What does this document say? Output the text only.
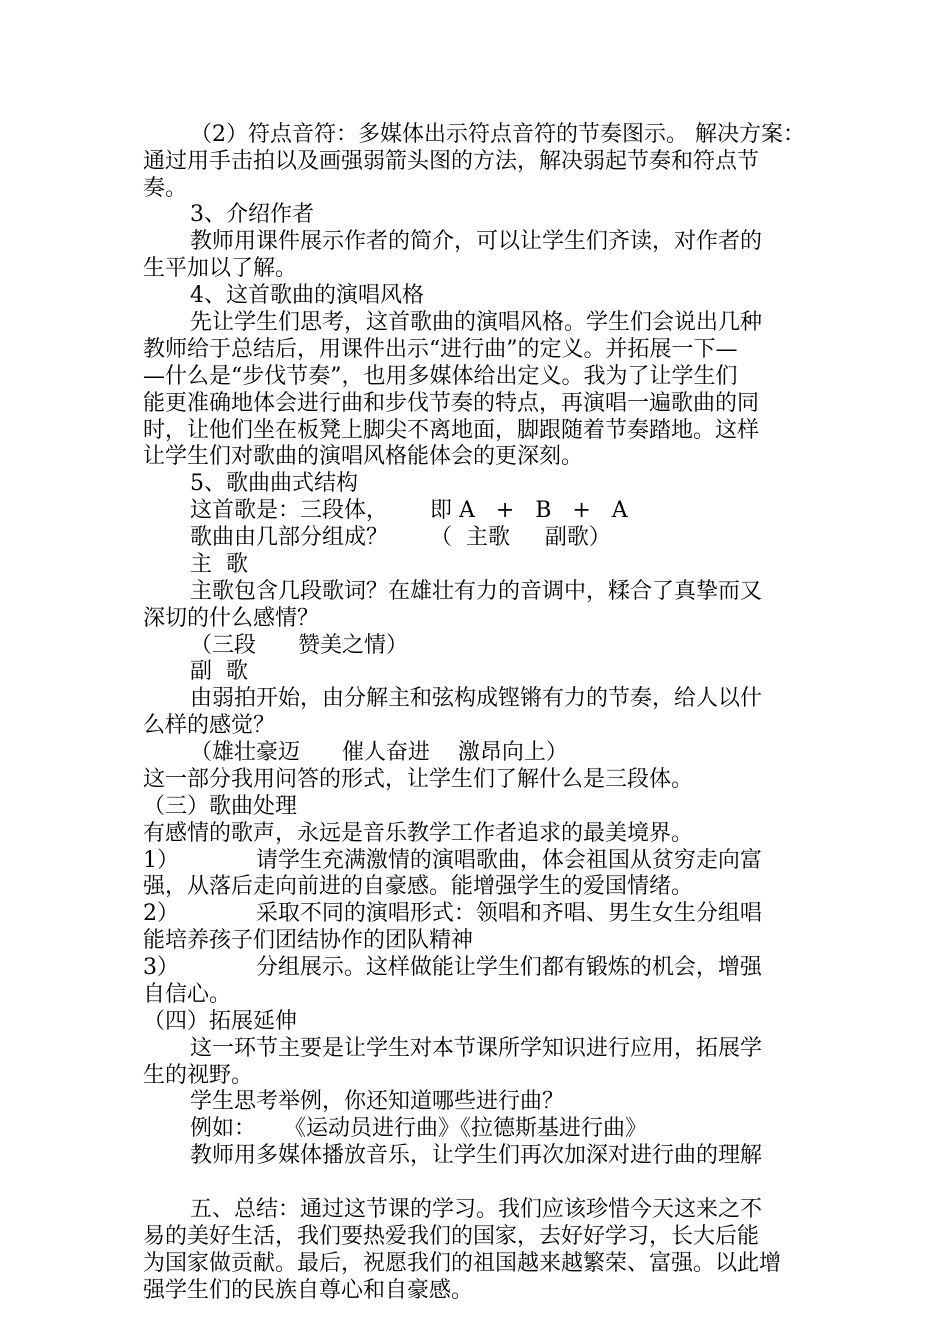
（2）符点音符：多媒体出示符点音符的节奏图示。 解决方案：
通过用手击拍以及画强弱箭头图的方法，解决弱起节奏和符点节
奏。
3、介绍作者
教师用课件展示作者的简介，可以让学生们齐读，对作者的
生平加以了解。
4、这首歌曲的演唱风格
先让学生们思考，这首歌曲的演唱风格。学生们会说出几种
教师给于总结后，用课件出示“进行曲”的定义。并拓展一下—
—什么是“步伐节奏”，也用多媒体给出定义。我为了让学生们
能更准确地体会进行曲和步伐节奏的特点，再演唱一遍歌曲的同
时，让他们坐在板凳上脚尖不离地面，脚跟随着节奏踏地。这样
让学生们对歌曲的演唱风格能体会的更深刻。
5、歌曲曲式结构
这首歌是：三段体，      即 A   +   B   +   A
歌曲由几部分组成？      （  主歌     副歌）
主  歌
主歌包含几段歌词？在雄壮有力的音调中，糅合了真挚而又
深切的什么感情？
（三段      赞美之情）
副  歌
由弱拍开始，由分解主和弦构成铿锵有力的节奏，给人以什
么样的感觉？
（雄壮豪迈      催人奋进    激昂向上）
这一部分我用问答的形式，让学生们了解什么是三段体。
（三）歌曲处理
有感情的歌声，永远是音乐教学工作者追求的最美境界。
1）           请学生充满激情的演唱歌曲，体会祖国从贫穷走向富
强，从落后走向前进的自豪感。能增强学生的爱国情绪。
2）           采取不同的演唱形式：领唱和齐唱、男生女生分组唱
能培养孩子们团结协作的团队精神
3）           分组展示。这样做能让学生们都有锻炼的机会，增强
自信心。
（四）拓展延伸
这一环节主要是让学生对本节课所学知识进行应用，拓展学
生的视野。
学生思考举例，你还知道哪些进行曲？
例如：    《运动员进行曲》《拉德斯基进行曲》
教师用多媒体播放音乐，让学生们再次加深对进行曲的理解
五、总结：通过这节课的学习。我们应该珍惜今天这来之不
易的美好生活，我们要热爱我们的国家，去好好学习，长大后能
为国家做贡献。最后，祝愿我们的祖国越来越繁荣、富强。以此增
强学生们的民族自尊心和自豪感。
